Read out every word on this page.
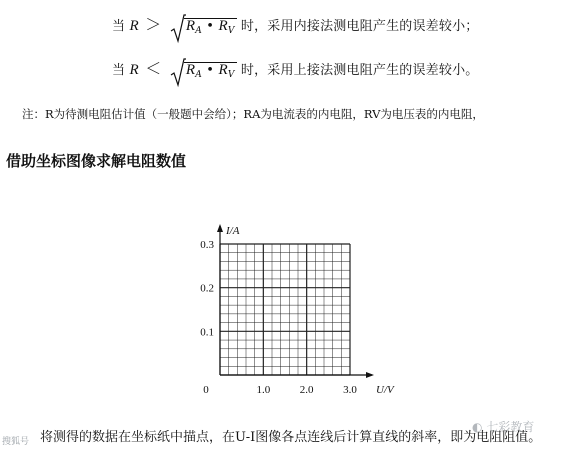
当 $R > R_A$ • $R_V$ 时，采用内接法测电阻产生的误差较小；
当 $R < R_A$ • $R_V$ 时，采用上接法测电阻产生的误差较小。
注：R为待测电阻估计值（一般题中会给）；RA为电流表的内电阻，RV为电压表的内电阻，
借助坐标图像求解电阻数值
0.1
0.2
0.3
1.0	2.0	3.0
0
I/A
U/V
将测得的数据在坐标纸中描点，在U-I图像各点连线后计算直线的斜率，即为电阻阻值。
搜狐号
◐ 七彩教育
